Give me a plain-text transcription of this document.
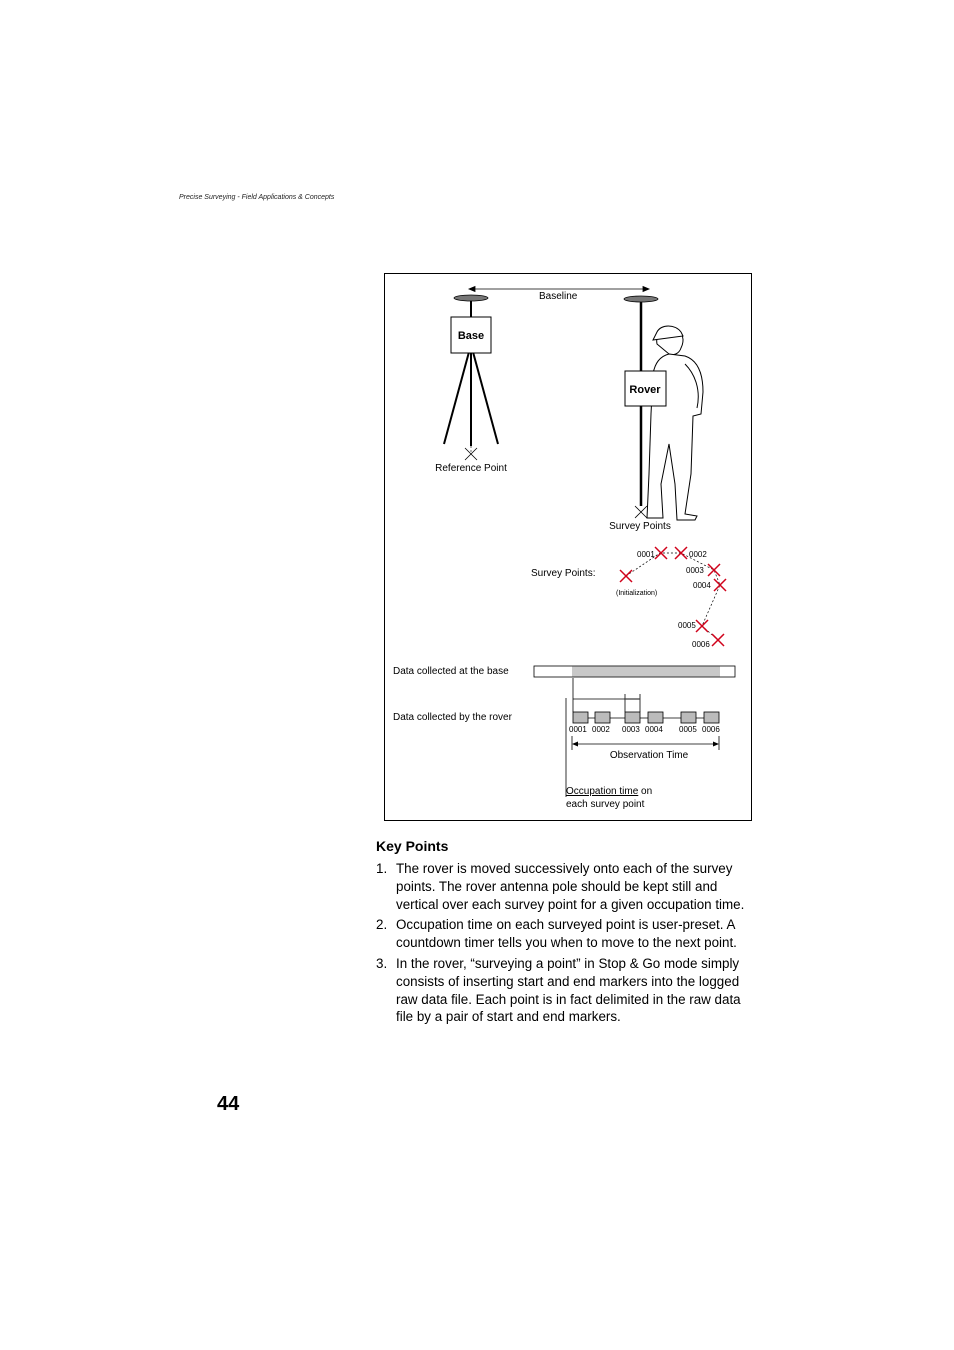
Precise Surveying - Field Applications & Concepts
Baseline
Base
Reference Point
Rover
Survey Points
Survey Points:
(Initialization)
0001	0002
0003
0004
0005
0006
Data collected at the base
Data collected by the rover
0001 0002 0003 0004 0005 0006
Observation Time
Occupation time on
each survey point
Key Points
1. The rover is moved successively onto each of the survey points. The rover antenna pole should be kept still and vertical over each survey point for a given occupation time.
2. Occupation time on each surveyed point is user-preset. A countdown timer tells you when to move to the next point.
3. In the rover, “surveying a point” in Stop & Go mode simply consists of inserting start and end markers into the logged raw data file. Each point is in fact delimited in the raw data file by a pair of start and end markers.
44
